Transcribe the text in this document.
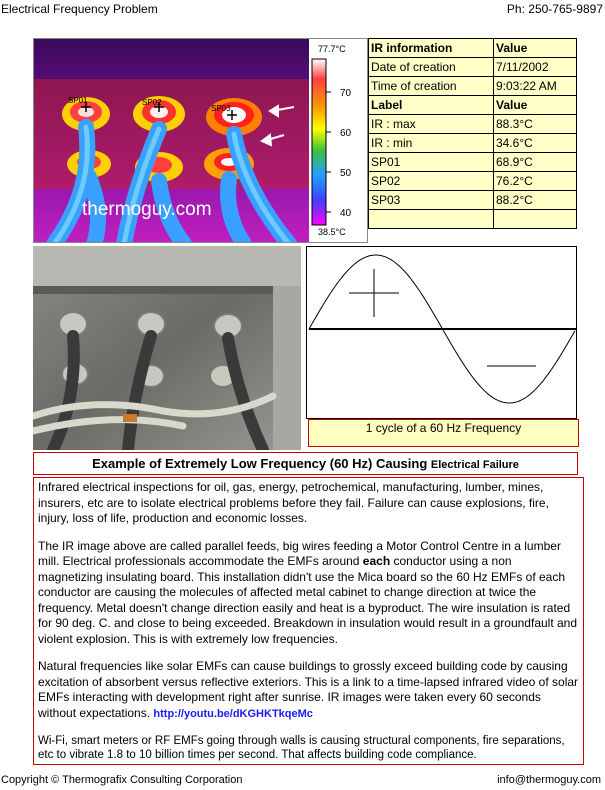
Electrical Frequency Problem	Ph: 250-765-9897
SP01	SP02
SP03
thermoguy.com
77.7°C
38.5°C
70
60
50
40
IR information	Value
Date of creation	7/11/2002
Time of creation	9:03:22 AM
Label	Value
IR : max	88.3°C
IR : min	34.6°C
SP01	68.9°C
SP02	76.2°C
SP03	88.2°C

1 cycle of a 60 Hz Frequency
Example of Extremely Low Frequency (60 Hz) Causing Electrical Failure

Infrared electrical inspections for oil, gas, energy, petrochemical, manufacturing, lumber, mines, insurers, etc are to isolate electrical problems before they fail. Failure can cause explosions, fire, injury, loss of life, production and economic losses.

The IR image above are called parallel feeds, big wires feeding a Motor Control Centre in a lumber mill. Electrical professionals accommodate the EMFs around each conductor using a non magnetizing insulating board. This installation didn't use the Mica board so the 60 Hz EMFs of each conductor are causing the molecules of affected metal cabinet to change direction at twice the frequency. Metal doesn't change direction easily and heat is a byproduct. The wire insulation is rated for 90 deg. C. and close to being exceeded. Breakdown in insulation would result in a groundfault and violent explosion. This is with extremely low frequencies.

Natural frequencies like solar EMFs can cause buildings to grossly exceed building code by causing excitation of absorbent versus reflective exteriors. This is a link to a time-lapsed infrared video of solar EMFs interacting with development right after sunrise. IR images were taken every 60 seconds without expectations. http://youtu.be/dKGHKTkqeMc

Wi-Fi, smart meters or RF EMFs going through walls is causing structural components, fire separations, etc to vibrate 1.8 to 10 billion times per second. That affects building code compliance.

Copyright © Thermografix Consulting Corporation	info@thermoguy.com
